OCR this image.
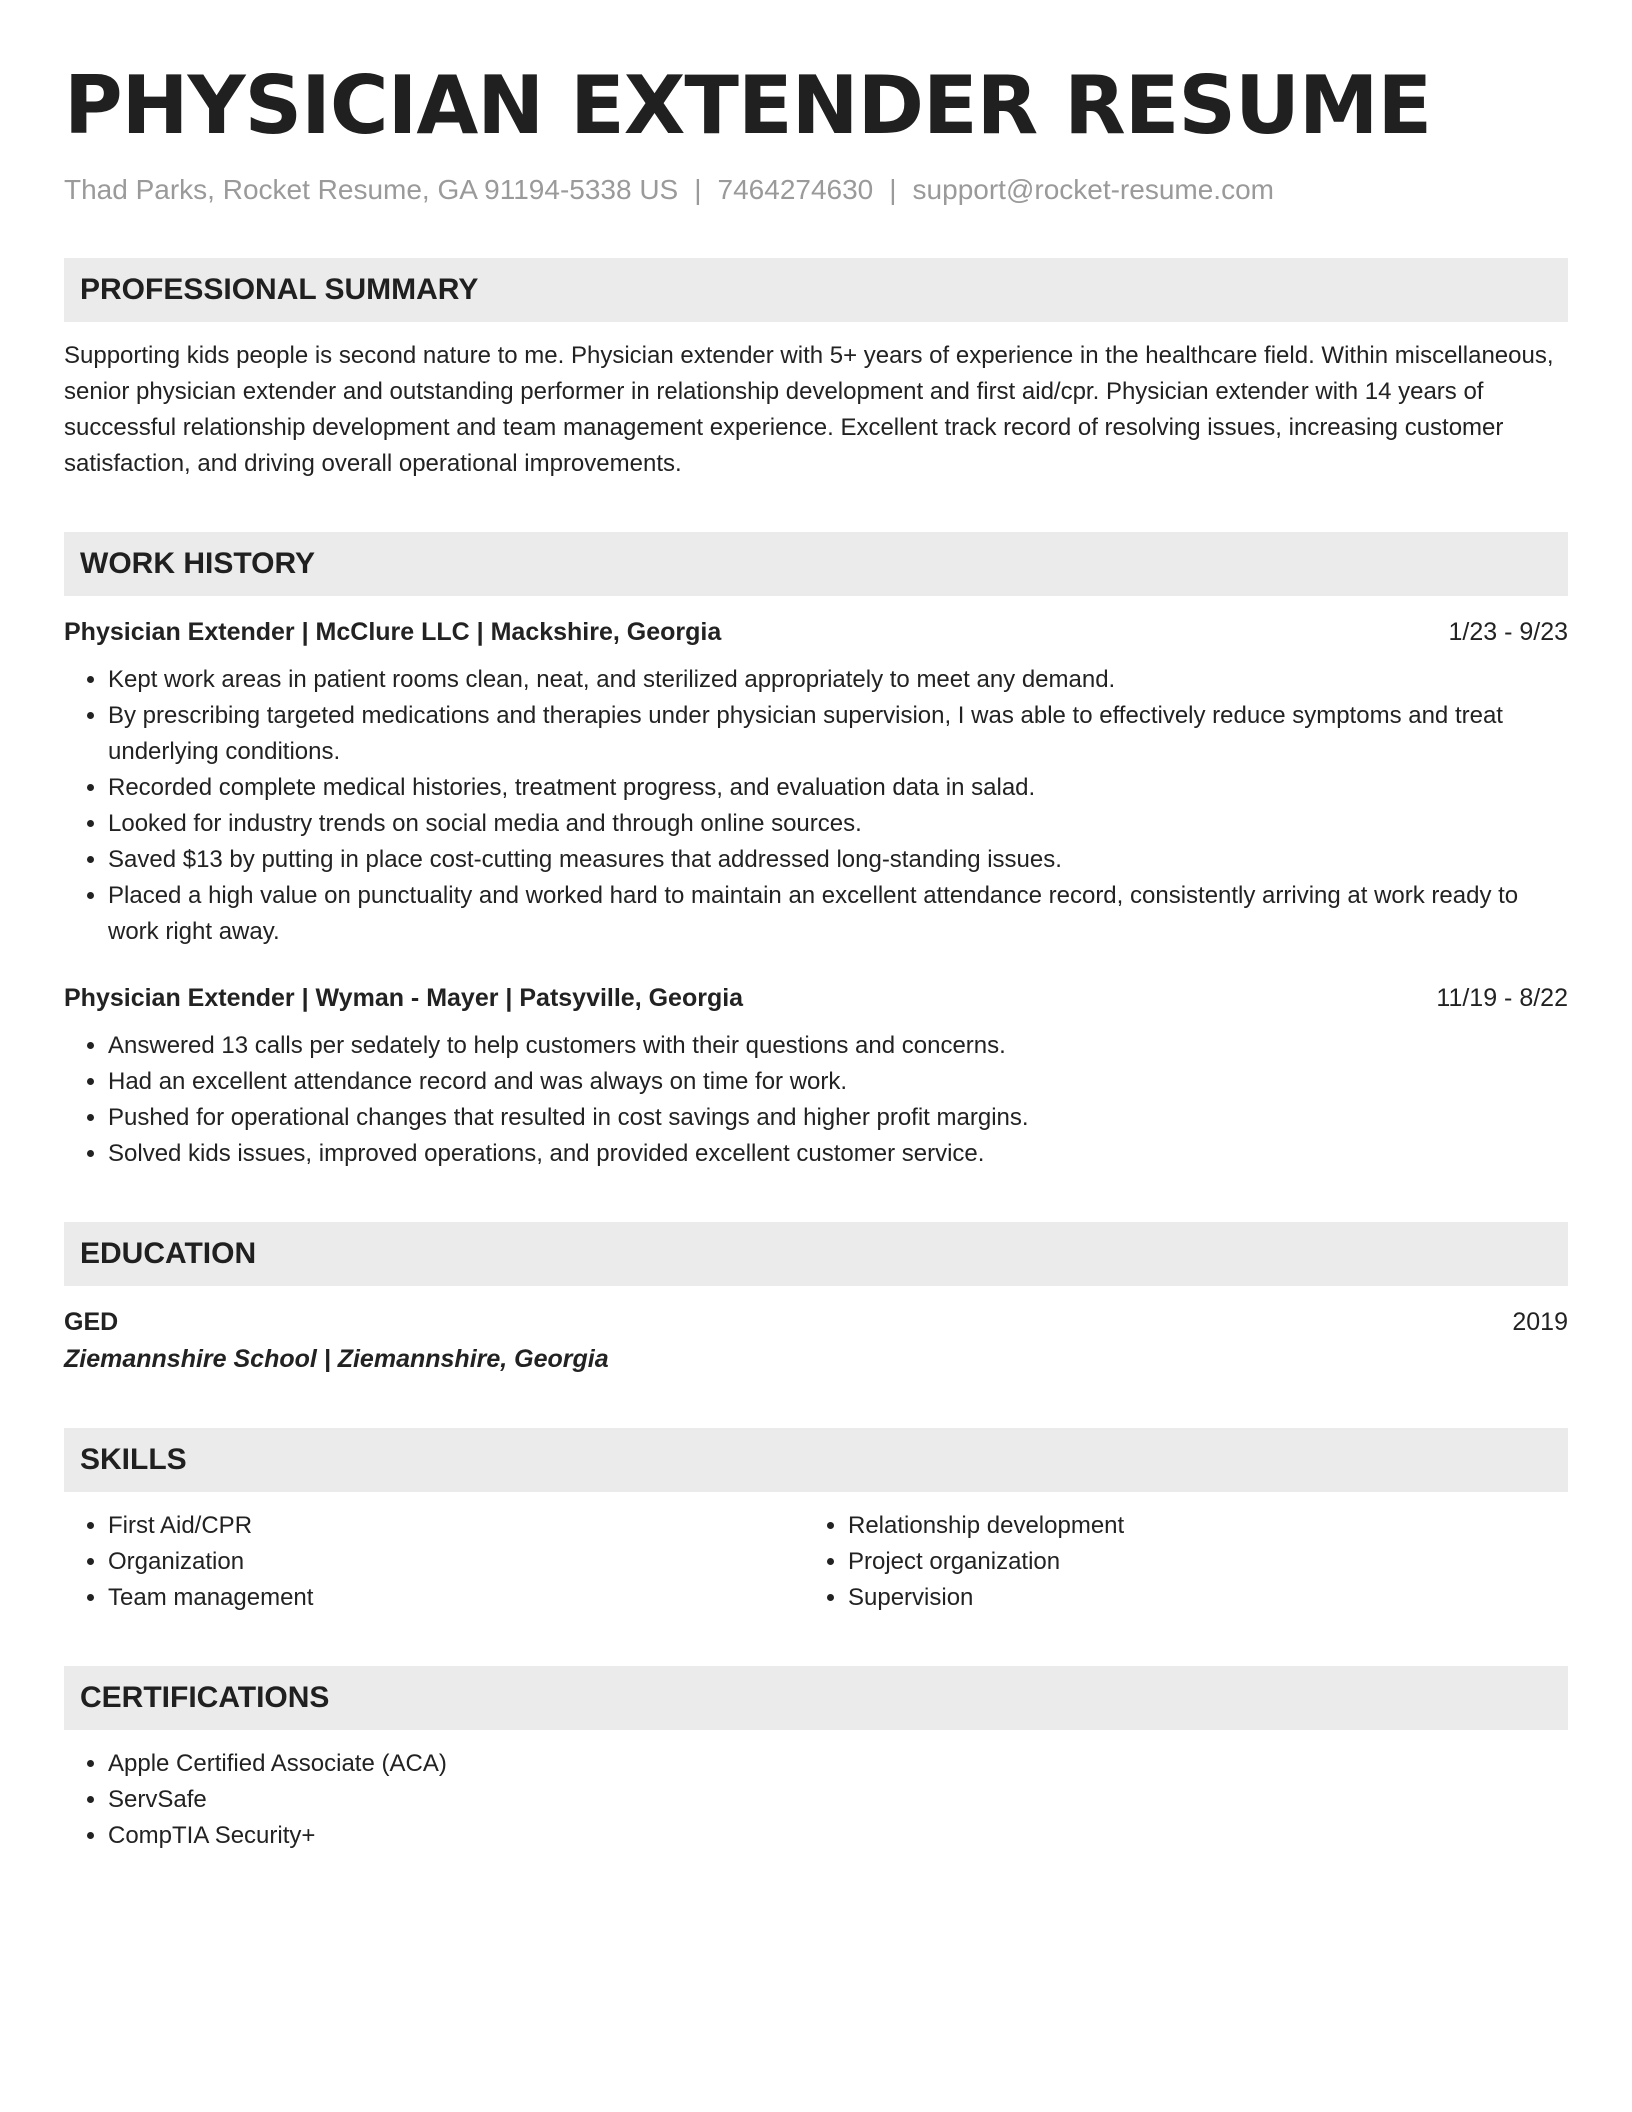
PHYSICIAN EXTENDER RESUME
Thad Parks, Rocket Resume, GA 91194-5338 US | 7464274630 | support@rocket-resume.com
PROFESSIONAL SUMMARY
Supporting kids people is second nature to me. Physician extender with 5+ years of experience in the healthcare field. Within miscellaneous, senior physician extender and outstanding performer in relationship development and first aid/cpr. Physician extender with 14 years of successful relationship development and team management experience. Excellent track record of resolving issues, increasing customer satisfaction, and driving overall operational improvements.
WORK HISTORY
Physician Extender | McClure LLC | Mackshire, Georgia	1/23 - 9/23
• Kept work areas in patient rooms clean, neat, and sterilized appropriately to meet any demand.
• By prescribing targeted medications and therapies under physician supervision, I was able to effectively reduce symptoms and treat underlying conditions.
• Recorded complete medical histories, treatment progress, and evaluation data in salad.
• Looked for industry trends on social media and through online sources.
• Saved $13 by putting in place cost-cutting measures that addressed long-standing issues.
• Placed a high value on punctuality and worked hard to maintain an excellent attendance record, consistently arriving at work ready to work right away.
Physician Extender | Wyman - Mayer | Patsyville, Georgia	11/19 - 8/22
• Answered 13 calls per sedately to help customers with their questions and concerns.
• Had an excellent attendance record and was always on time for work.
• Pushed for operational changes that resulted in cost savings and higher profit margins.
• Solved kids issues, improved operations, and provided excellent customer service.
EDUCATION
GED	2019
Ziemannshire School | Ziemannshire, Georgia
SKILLS
• First Aid/CPR
• Organization
• Team management
• Relationship development
• Project organization
• Supervision
CERTIFICATIONS
• Apple Certified Associate (ACA)
• ServSafe
• CompTIA Security+
